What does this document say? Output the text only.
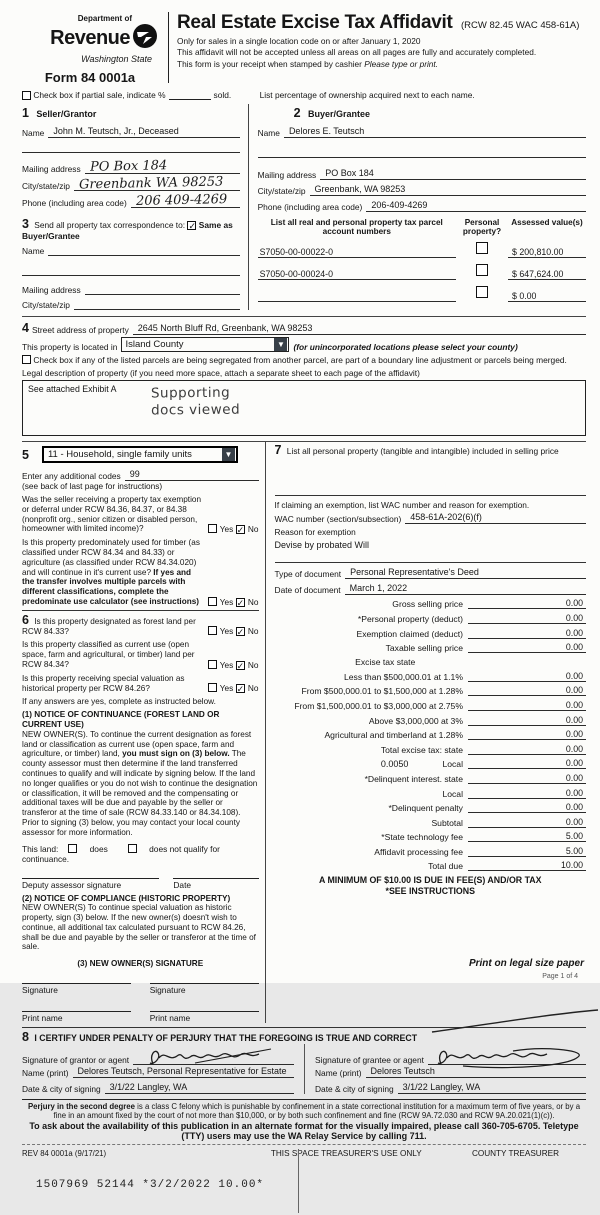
Department of
Revenue
Washington State
Form 84 0001a
Real Estate Excise Tax Affidavit (RCW 82.45 WAC 458-61A)
Only for sales in a single location code on or after January 1, 2020
This affidavit will not be accepted unless all areas on all pages are fully and accurately completed.
This form is your receipt when stamped by cashier Please type or print.

Check box if partial sale, indicate %	sold.	List percentage of ownership acquired next to each name.
1 Seller/Grantor
Name	John M. Teutsch, Jr., Deceased
Mailing address PO Box 184
City/state/zip Greenbank WA 98253
Phone (including area code) 206 409-4269
3 Send all property tax correspondence to: ✓ Same as Buyer/Grantee
Name
Mailing address
City/state/zip
2 Buyer/Grantee
Name	Delores E. Teutsch
Mailing address	PO Box 184
City/state/zip	Greenbank, WA 98253
Phone (including area code)	206-409-4269
List all real and personal property tax parcel account numbers
Personal property?
Assessed value(s)
S7050-00-00022-0	$ 200,810.00
S7050-00-00024-0	$ 647,624.00
$ 0.00
4 Street address of property	2645 North Bluff Rd, Greenbank, WA 98253
This property is located in Island County	▼	(for unincorporated locations please select your county)
Check box if any of the listed parcels are being segregated from another parcel, are part of a boundary line adjustment or parcels being merged.
Legal description of property (if you need more space, attach a separate sheet to each page of the affidavit)
See attached Exhibit A	Supporting docs viewed
5	11 - Household, single family units	▼
Enter any additional codes	99
(see back of last page for instructions)
Was the seller receiving a property tax exemption or deferral under RCW 84.36, 84.37, or 84.38 (nonprofit org., senior citizen or disabled person, homeowner with limited income)?	Yes ✓ No
Is this property predominately used for timber (as classified under RCW 84.34 and 84.33) or agriculture (as classified under RCW 84.34.020) and will continue in it's current use? If yes and the transfer involves multiple parcels with different classifications, complete the predominate use calculator (see instructions)	Yes ✓ No
6 Is this property designated as forest land per RCW 84.33?	Yes ✓ No
Is this property classified as current use (open space, farm and agricultural, or timber) land per RCW 84.34?	Yes ✓ No
Is this property receiving special valuation as historical property per RCW 84.26?	Yes ✓ No
If any answers are yes, complete as instructed below.
(1) NOTICE OF CONTINUANCE (FOREST LAND OR CURRENT USE)
NEW OWNER(S). To continue the current designation as forest land or classification as current use (open space, farm and agriculture, or timber) land, you must sign on (3) below. The county assessor must then determine if the land transferred continues to qualify and will indicate by signing below. If the land no longer qualifies or you do not wish to continue the designation or classification, it will be removed and the compensating or additional taxes will be due and payable by the seller or transferor at the time of sale (RCW 84.33.140 or 84.34.108). Prior to signing (3) below, you may contact your local county assessor for more information.
This land:	does	does not qualify for
continuance.
Deputy assessor signature	Date
(2) NOTICE OF COMPLIANCE (HISTORIC PROPERTY)
NEW OWNER(S) To continue special valuation as historic property, sign (3) below. If the new owner(s) doesn't wish to continue, all additional tax calculated pursuant to RCW 84.26, shall be due and payable by the seller or transferor at the time of sale.
(3) NEW OWNER(S) SIGNATURE
Signature	Signature
Print name	Print name
7 List all personal property (tangible and intangible) included in selling price
If claiming an exemption, list WAC number and reason for exemption.
WAC number (section/subsection)	458-61A-202(6)(f)
Reason for exemption
Devise by probated Will
Type of document	Personal Representative's Deed
Date of document	March 1, 2022
Gross selling price	0.00
*Personal property (deduct)	0.00
Exemption claimed (deduct)	0.00
Taxable selling price	0.00
Excise tax state
Less than $500,000.01 at 1.1%	0.00
From $500,000.01 to $1,500,000 at 1.28%	0.00
From $1,500,000.01 to $3,000,000 at 2.75%	0.00
Above $3,000,000 at 3%	0.00
Agricultural and timberland at 1.28%	0.00
Total excise tax: state	0.00
0.0050	Local	0.00
*Delinquent interest. state	0.00
Local	0.00
*Delinquent penalty	0.00
Subtotal	0.00
*State technology fee	5.00
Affidavit processing fee	5.00
Total due	10.00
A MINIMUM OF $10.00 IS DUE IN FEE(S) AND/OR TAX
*SEE INSTRUCTIONS
8 I CERTIFY UNDER PENALTY OF PERJURY THAT THE FOREGOING IS TRUE AND CORRECT
Signature of grantor or agent
Name (print)	Delores Teutsch, Personal Representative for Estate
Date & city of signing	3/1/22 Langley, WA
Signature of grantee or agent
Name (print)	Delores Teutsch
Date & city of signing	3/1/22 Langley, WA

Perjury in the second degree is a class C felony which is punishable by confinement in a state correctional institution for a maximum term of five years, or by a fine in an amount fixed by the court of not more than $10,000, or by both such confinement and fine (RCW 9A.72.030 and RCW 9A.20.021(1)(c)).

To ask about the availability of this publication in an alternate format for the visually impaired, please call 360-705-6705. Teletype (TTY) users may use the WA Relay Service by calling 711.

REV 84 0001a (9/17/21)	THIS SPACE TREASURER'S USE ONLY	COUNTY TREASURER
1507969 52144 *3/2/2022 10.00*
Print on legal size paper
Page 1 of 4
